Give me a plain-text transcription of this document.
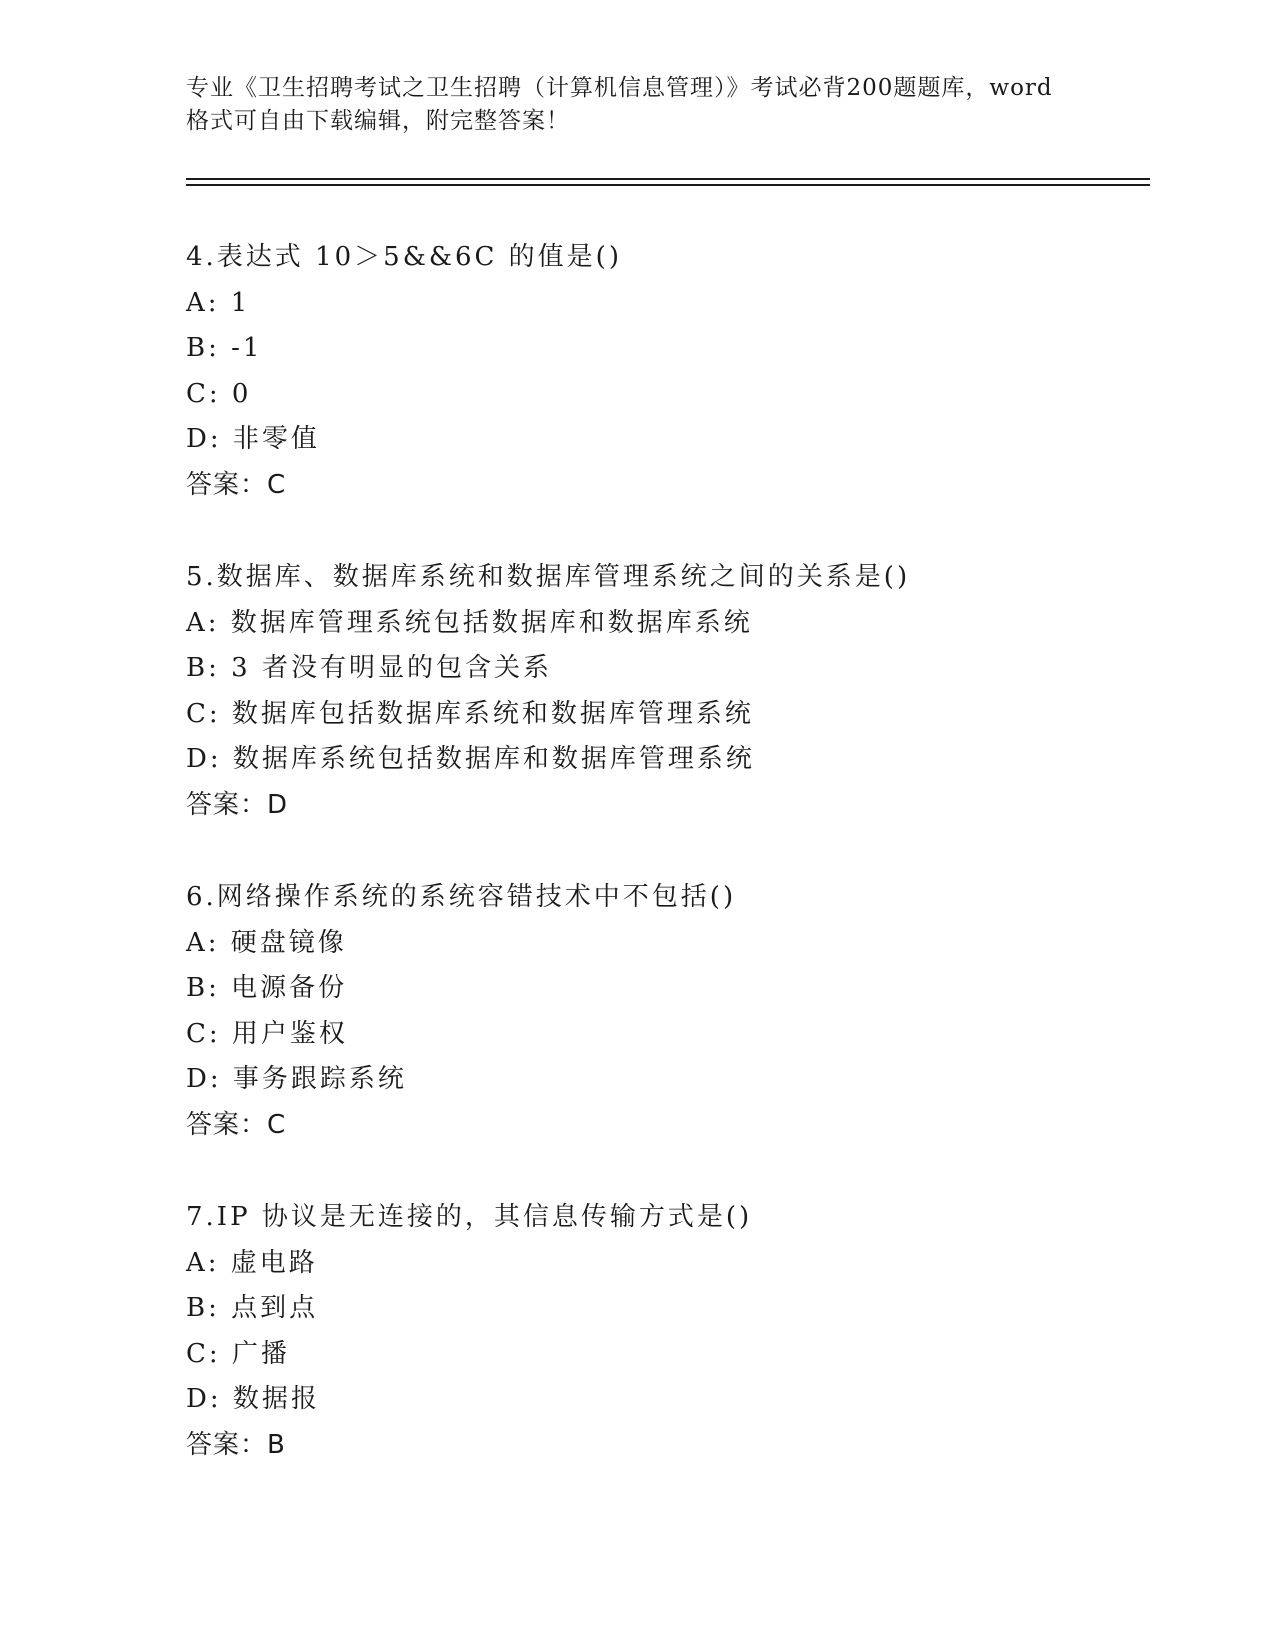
专业《卫生招聘考试之卫生招聘（计算机信息管理）》考试必背200题题库，word
格式可自由下载编辑，附完整答案！
4.表达式 10＞5&&6C 的值是()
A: 1
B: -1
C: 0
D: 非零值
答案：C
5.数据库、数据库系统和数据库管理系统之间的关系是()
A: 数据库管理系统包括数据库和数据库系统
B: 3 者没有明显的包含关系
C: 数据库包括数据库系统和数据库管理系统
D: 数据库系统包括数据库和数据库管理系统
答案：D
6.网络操作系统的系统容错技术中不包括()
A: 硬盘镜像
B: 电源备份
C: 用户鉴权
D: 事务跟踪系统
答案：C
7.IP 协议是无连接的，其信息传输方式是()
A: 虚电路
B: 点到点
C: 广播
D: 数据报
答案：B
